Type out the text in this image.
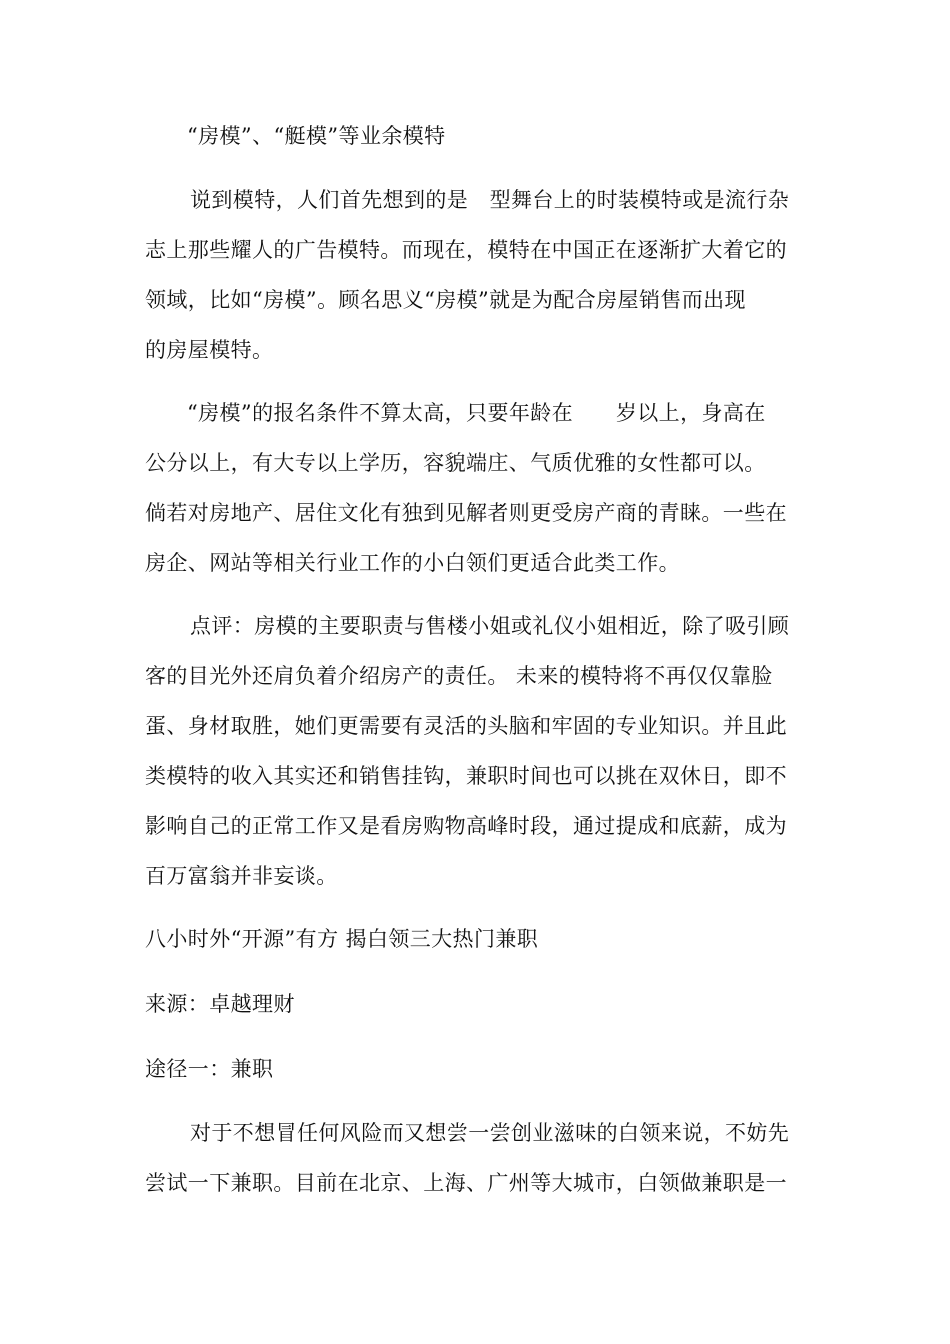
“房模”、“艇模”等业余模特
说到模特，人们首先想到的是　型舞台上的时装模特或是流行杂
志上那些耀人的广告模特。而现在，模特在中国正在逐渐扩大着它的
领域，比如“房模”。顾名思义“房模”就是为配合房屋销售而出现
的房屋模特。
“房模”的报名条件不算太高，只要年龄在　　岁以上，身高在
公分以上，有大专以上学历，容貌端庄、气质优雅的女性都可以。
倘若对房地产、居住文化有独到见解者则更受房产商的青睐。一些在
房企、网站等相关行业工作的小白领们更适合此类工作。
点评：房模的主要职责与售楼小姐或礼仪小姐相近，除了吸引顾
客的目光外还肩负着介绍房产的责任。 未来的模特将不再仅仅靠脸
蛋、身材取胜，她们更需要有灵活的头脑和牢固的专业知识。并且此
类模特的收入其实还和销售挂钩，兼职时间也可以挑在双休日，即不
影响自己的正常工作又是看房购物高峰时段，通过提成和底薪，成为
百万富翁并非妄谈。
八小时外“开源”有方 揭白领三大热门兼职
来源：卓越理财
途径一：兼职
对于不想冒任何风险而又想尝一尝创业滋味的白领来说，不妨先
尝试一下兼职。目前在北京、上海、广州等大城市，白领做兼职是一
